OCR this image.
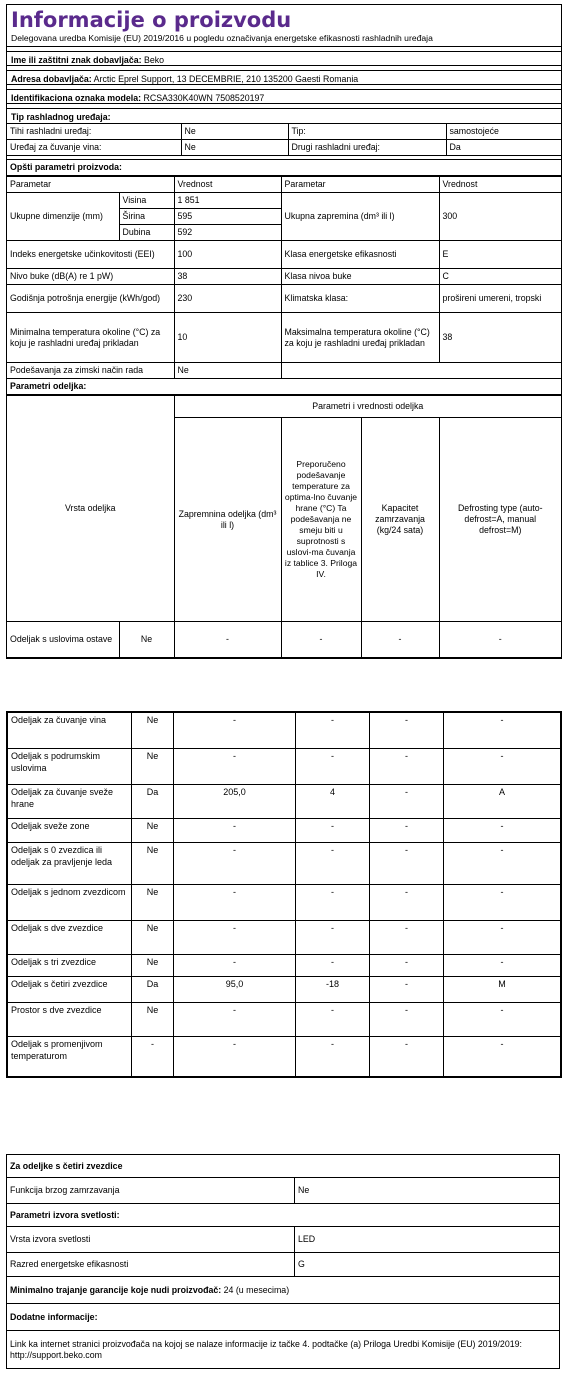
Informacije o proizvodu
Delegovana uredba Komisije (EU) 2019/2016 u pogledu označivanja energetske efikasnosti rashladnih uređaja
Ime ili zaštitni znak dobavljača: Beko
Adresa dobavljača: Arctic Eprel Support, 13 DECEMBRIE, 210 135200 Gaesti Romania
Identifikaciona oznaka modela: RCSA330K40WN 7508520197
Tip rashladnog uređaja:
Tihi rashladni uređaj:	Ne	Tip:	samostojeće
Uređaj za čuvanje vina:	Ne	Drugi rashladni uređaj:	Da

Opšti parametri proizvoda:			
Parametar		Vrednost	Parametar	Vrednost
Ukupne dimenzije (mm)	Visina	1 851	Ukupna zapremina (dm³ ili l)	300
	Širina	595		
	Dubina	592		
Indeks energetske učinkovitosti (EEI)		100	Klasa energetske efikasnosti	E
Nivo buke (dB(A) re 1 pW)		38	Klasa nivoa buke	C
Godišnja potrošnja energije (kWh/god)		230	Klimatska klasa:	prošireni umereni, tropski
Minimalna temperatura okoline (°C) za koju je rashladni uređaj prikladan		10	Maksimalna temperatura okoline (°C) za koju je rashladni uređaj prikladan	38
Podešavanja za zimski način rada		Ne		
Parametri odeljka:				
Vrsta odeljka		Parametri i vrednosti odeljka			
		Zapremnina odeljka (dm³ ili l)	Preporučeno podešavanje temperature za optima-lno čuvanje hrane (°C) Ta podešavanja ne smeju biti u suprotnosti s uslovi-ma čuvanja iz tablice 3. Priloga IV.	Kapacitet zamrzavanja (kg/24 sata)	Defrosting type (auto-defrost=A, manual defrost=M)
Odeljak s uslovima ostave	Ne	-	-	-	-
Odeljak za čuvanje vina	Ne	-	-	-	-
Odeljak s podrumskim uslovima	Ne	-	-	-	-
Odeljak za čuvanje sveže hrane	Da	205,0	4	-	A
Odeljak sveže zone	Ne	-	-	-	-
Odeljak s 0 zvezdica ili odeljak za pravljenje leda	Ne	-	-	-	-
Odeljak s jednom zvezdicom	Ne	-	-	-	-
Odeljak s dve zvezdice	Ne	-	-	-	-
Odeljak s tri zvezdice	Ne	-	-	-	-
Odeljak s četiri zvezdice	Da	95,0	-18	-	M
Prostor s dve zvezdice	Ne	-	-	-	-
Odeljak s promenjivom temperaturom	-	-	-	-	-
Za odeljke s četiri zvezdice	
Funkcija brzog zamrzavanja	Ne
Parametri izvora svetlosti:	
Vrsta izvora svetlosti	LED
Razred energetske efikasnosti	G
Minimalno trajanje garancije koje nudi proizvođač: 24 (u mesecima)	
Dodatne informacije:	
Link ka internet stranici proizvođača na kojoj se nalaze informacije iz tačke 4. podtačke (a) Priloga Uredbi Komisije (EU) 2019/2019: http://support.beko.com	
